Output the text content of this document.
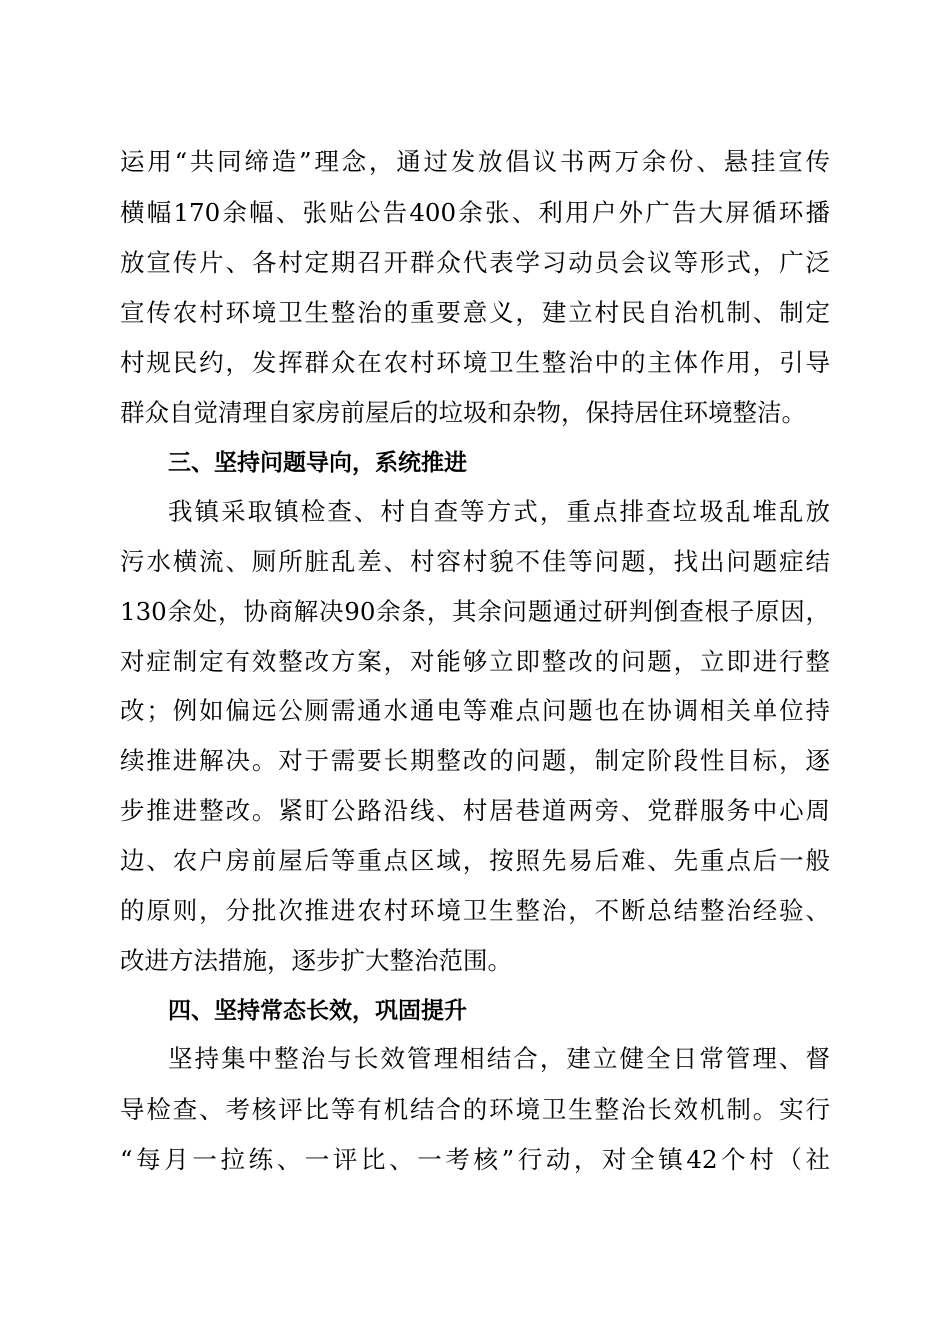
运用“共同缔造”理念，通过发放倡议书两万余份、悬挂宣传
横幅170余幅、张贴公告400余张、利用户外广告大屏循环播
放宣传片、各村定期召开群众代表学习动员会议等形式，广泛
宣传农村环境卫生整治的重要意义，建立村民自治机制、制定
村规民约，发挥群众在农村环境卫生整治中的主体作用，引导
群众自觉清理自家房前屋后的垃圾和杂物，保持居住环境整洁。
三、坚持问题导向，系统推进
我镇采取镇检查、村自查等方式，重点排查垃圾乱堆乱放
污水横流、厕所脏乱差、村容村貌不佳等问题，找出问题症结
130余处，协商解决90余条，其余问题通过研判倒查根子原因，
对症制定有效整改方案，对能够立即整改的问题，立即进行整
改；例如偏远公厕需通水通电等难点问题也在协调相关单位持
续推进解决。对于需要长期整改的问题，制定阶段性目标，逐
步推进整改。紧盯公路沿线、村居巷道两旁、党群服务中心周
边、农户房前屋后等重点区域，按照先易后难、先重点后一般
的原则，分批次推进农村环境卫生整治，不断总结整治经验、
改进方法措施，逐步扩大整治范围。
四、坚持常态长效，巩固提升
坚持集中整治与长效管理相结合，建立健全日常管理、督
导检查、考核评比等有机结合的环境卫生整治长效机制。实行
“每月一拉练、一评比、一考核”行动，对全镇42个村（社
